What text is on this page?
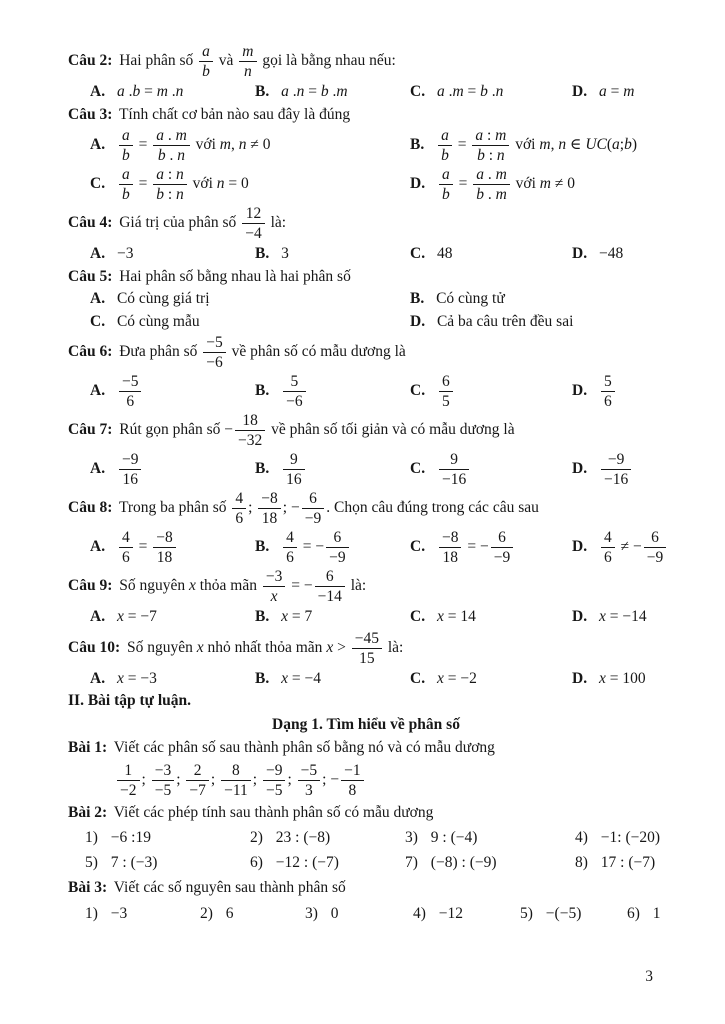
Câu 2: Hai phân số $\frac{a}{b}$ và $\frac{m}{n}$ gọi là bằng nhau nếu:
A. a .b = m .n	B. a .n = b .m	C. a .m = b .n	D. a = m
Câu 3: Tính chất cơ bản nào sau đây là đúng
A. $\frac{a}{b} = \frac{a . m}{b . n}$ với m, n ≠ 0	B. $\frac{a}{b} = \frac{a : m}{b : n}$ với m, n ∈ UC(a;b)
C. $\frac{a}{b} = \frac{a : n}{b : n}$ với n = 0	D. $\frac{a}{b} = \frac{a . m}{b . m}$ với m ≠ 0
Câu 4: Giá trị của phân số $\frac{12}{-4}$ là:
A. −3	B. 3	C. 48	D. −48
Câu 5: Hai phân số bằng nhau là hai phân số
A. Có cùng giá trị	B. Có cùng tử
C. Có cùng mẫu	D. Cả ba câu trên đều sai
Câu 6: Đưa phân số $\frac{-5}{-6}$ về phân số có mẫu dương là
A. $\frac{-5}{6}$	B. $\frac{5}{-6}$	C. $\frac{6}{5}$	D. $\frac{5}{6}$
Câu 7: Rút gọn phân số − $\frac{18}{-32}$ về phân số tối giản và có mẫu dương là
A. $\frac{-9}{16}$	B. $\frac{9}{16}$	C. $\frac{9}{-16}$	D. $\frac{-9}{-16}$
Câu 8: Trong ba phân số $\frac{4}{6}$ ; $\frac{-8}{18}$ ; − $\frac{6}{-9}$ . Chọn câu đúng trong các câu sau
A. $\frac{4}{6} = \frac{-8}{18}$	B. $\frac{4}{6}$ = − $\frac{6}{-9}$	C. $\frac{-8}{18}$ = − $\frac{6}{-9}$	D. $\frac{4}{6}$ ≠ − $\frac{6}{-9}$
Câu 9: Số nguyên x thỏa mãn $\frac{-3}{x}$ = − $\frac{6}{-14}$ là:
A. x = −7	B. x = 7	C. x = 14	D. x = −14
Câu 10: Số nguyên x nhỏ nhất thỏa mãn $x > \frac{-45}{15}$ là:
A. x = −3	B. x = −4	C. x = −2	D. x = 100
II. Bài tập tự luận.
Dạng 1. Tìm hiểu về phân số
Bài 1: Viết các phân số sau thành phân số bằng nó và có mẫu dương
$\frac{1}{-2}$ ; $\frac{-3}{-5}$ ; $\frac{2}{-7}$ ; $\frac{8}{-11}$ ; $\frac{-9}{-5}$ ; $\frac{-5}{3}$ ; − $\frac{-1}{8}$
Bài 2: Viết các phép tính sau thành phân số có mẫu dương
1) −6 :19	2) 23 : (−8)	3) 9 : (−4)	4) −1: (−20)
5) 7 : (−3)	6) −12 : (−7)	7) (−8) : (−9)	8) 17 : (−7)
Bài 3: Viết các số nguyên sau thành phân số
1) −3	2) 6	3) 0	4) −12	5) −(−5)	6) 1
3
